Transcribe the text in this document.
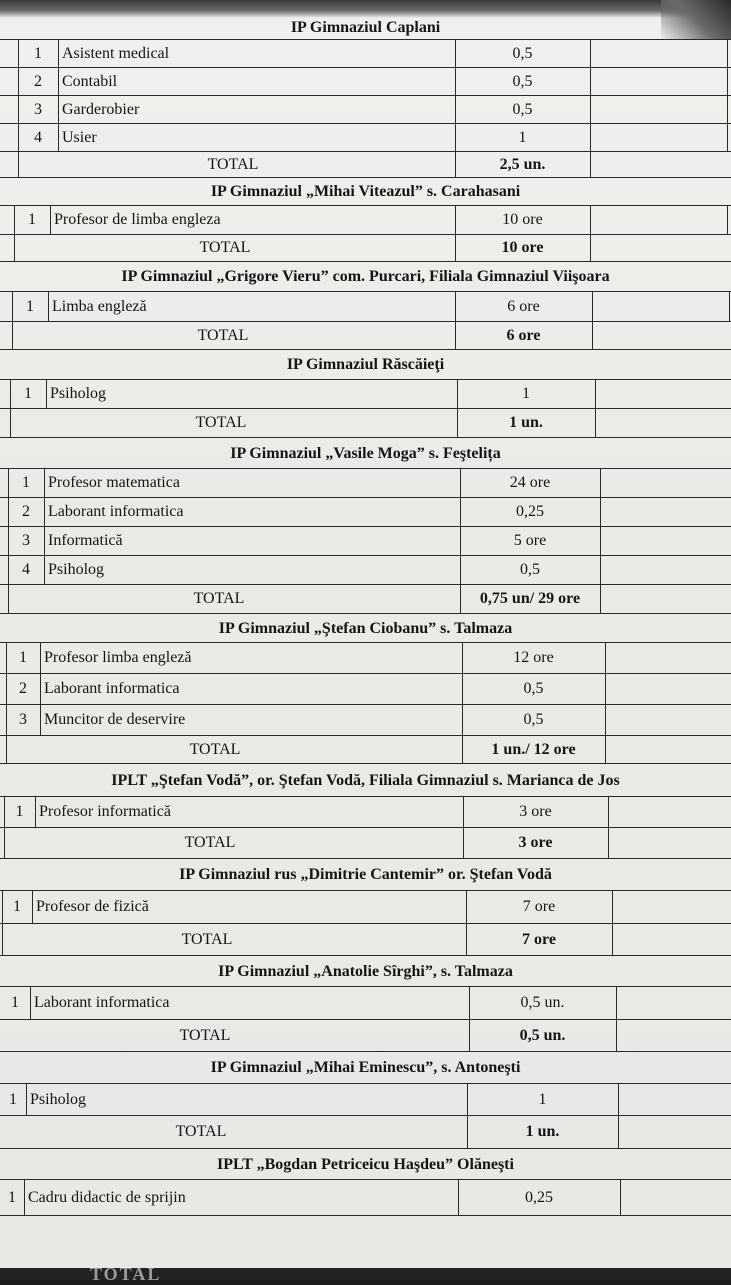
IP Gimnaziul Caplani
1	Asistent medical	0,5
2	Contabil	0,5
3	Garderobier	0,5
4	Usier	1
TOTAL	2,5 un.
IP Gimnaziul „Mihai Viteazul” s. Carahasani
1	Profesor de limba engleza	10 ore
TOTAL	10 ore
IP Gimnaziul „Grigore Vieru” com. Purcari, Filiala Gimnaziul Viişoara
1	Limba engleză	6 ore
TOTAL	6 ore
IP Gimnaziul Răscăieţi
1	Psiholog	1
TOTAL	1 un.
IP Gimnaziul „Vasile Moga” s. Feştelița
1	Profesor matematica	24 ore
2	Laborant informatica	0,25
3	Informatică	5 ore
4	Psiholog	0,5
TOTAL	0,75 un/ 29 ore
IP Gimnaziul „Ştefan Ciobanu” s. Talmaza
1	Profesor limba engleză	12 ore
2	Laborant informatica	0,5
3	Muncitor de deservire	0,5
TOTAL	1 un./ 12 ore
IPLT „Ştefan Vodă”, or. Ştefan Vodă, Filiala Gimnaziul s. Marianca de Jos
1 Profesor informatică	3 ore
TOTAL	3 ore
IP Gimnaziul rus „Dimitrie Cantemir” or. Ştefan Vodă
1 Profesor de fizică	7 ore
TOTAL	7 ore
IP Gimnaziul „Anatolie Sîrghi”, s. Talmaza
1 Laborant informatica	0,5 un.
TOTAL	0,5 un.
IP Gimnaziul „Mihai Eminescu”, s. Antoneşti
1 Psiholog	1
TOTAL	1 un.
IPLT „Bogdan Petriceicu Haşdeu” Olăneşti
1 Cadru didactic de sprijin	0,25
TOTAL
